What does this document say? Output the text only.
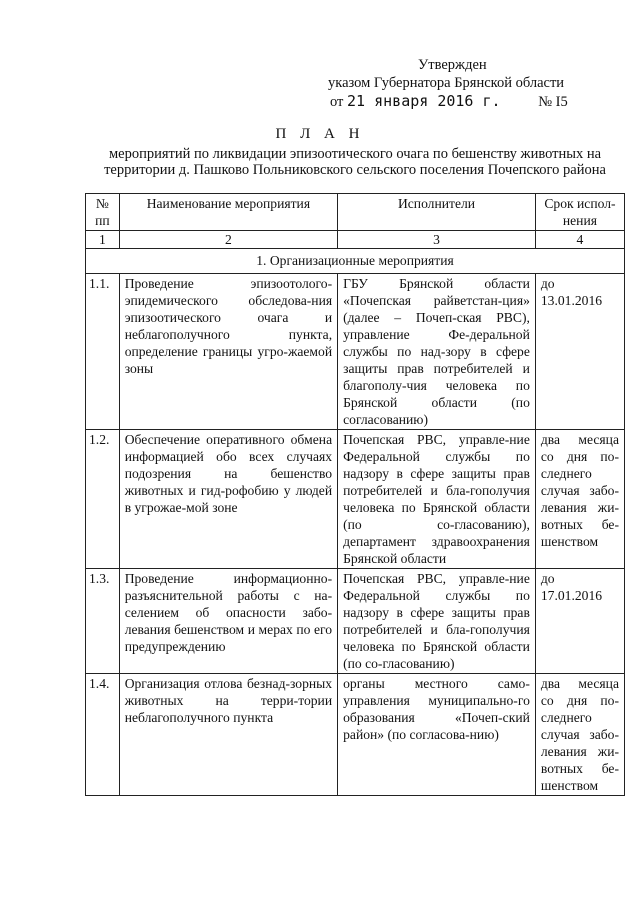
Утвержден
указом Губернатора Брянской области
от 21 января 2016 г.	№ I5
П Л А Н
мероприятий по ликвидации эпизоотического очага по бешенству животных на территории д. Пашково Польниковского сельского поселения Почепского района
№ пп	Наименование мероприятия	Исполнители	Срок испол-нения
1	2	3	4
1. Организационные мероприятия			
1.1.	Проведение эпизоотолого-эпидемического обследова-ния эпизоотического очага и неблагополучного пункта, определение границы угро-жаемой зоны	ГБУ Брянской области «Почепская райветстан-ция» (далее – Почеп-ская РВС), управление Фе-деральной службы по над-зору в сфере защиты прав потребителей и благополу-чия человека по Брянской области (по согласованию)	до 13.01.2016
1.2.	Обеспечение оперативного обмена информацией обо всех случаях подозрения на бешенство животных и гид-рофобию у людей в угрожае-мой зоне	Почепская РВС, управле-ние Федеральной службы по надзору в сфере защиты прав потребителей и бла-гополучия человека по Брянской области (по со-гласованию), департамент здравоохранения Брянской области	два месяца со дня по-следнего случая забо-левания жи-вотных бе-шенством
1.3.	Проведение информационно-разъяснительной работы с на-селением об опасности забо-левания бешенством и мерах по его предупреждению	Почепская РВС, управле-ние Федеральной службы по надзору в сфере защиты прав потребителей и бла-гополучия человека по Брянской области (по со-гласованию)	до 17.01.2016
1.4.	Организация отлова безнад-зорных животных на терри-тории неблагополучного пункта	органы местного само-управления муниципально-го образования «Почеп-ский район» (по согласова-нию)	два месяца со дня по-следнего случая забо-левания жи-вотных бе-шенством
